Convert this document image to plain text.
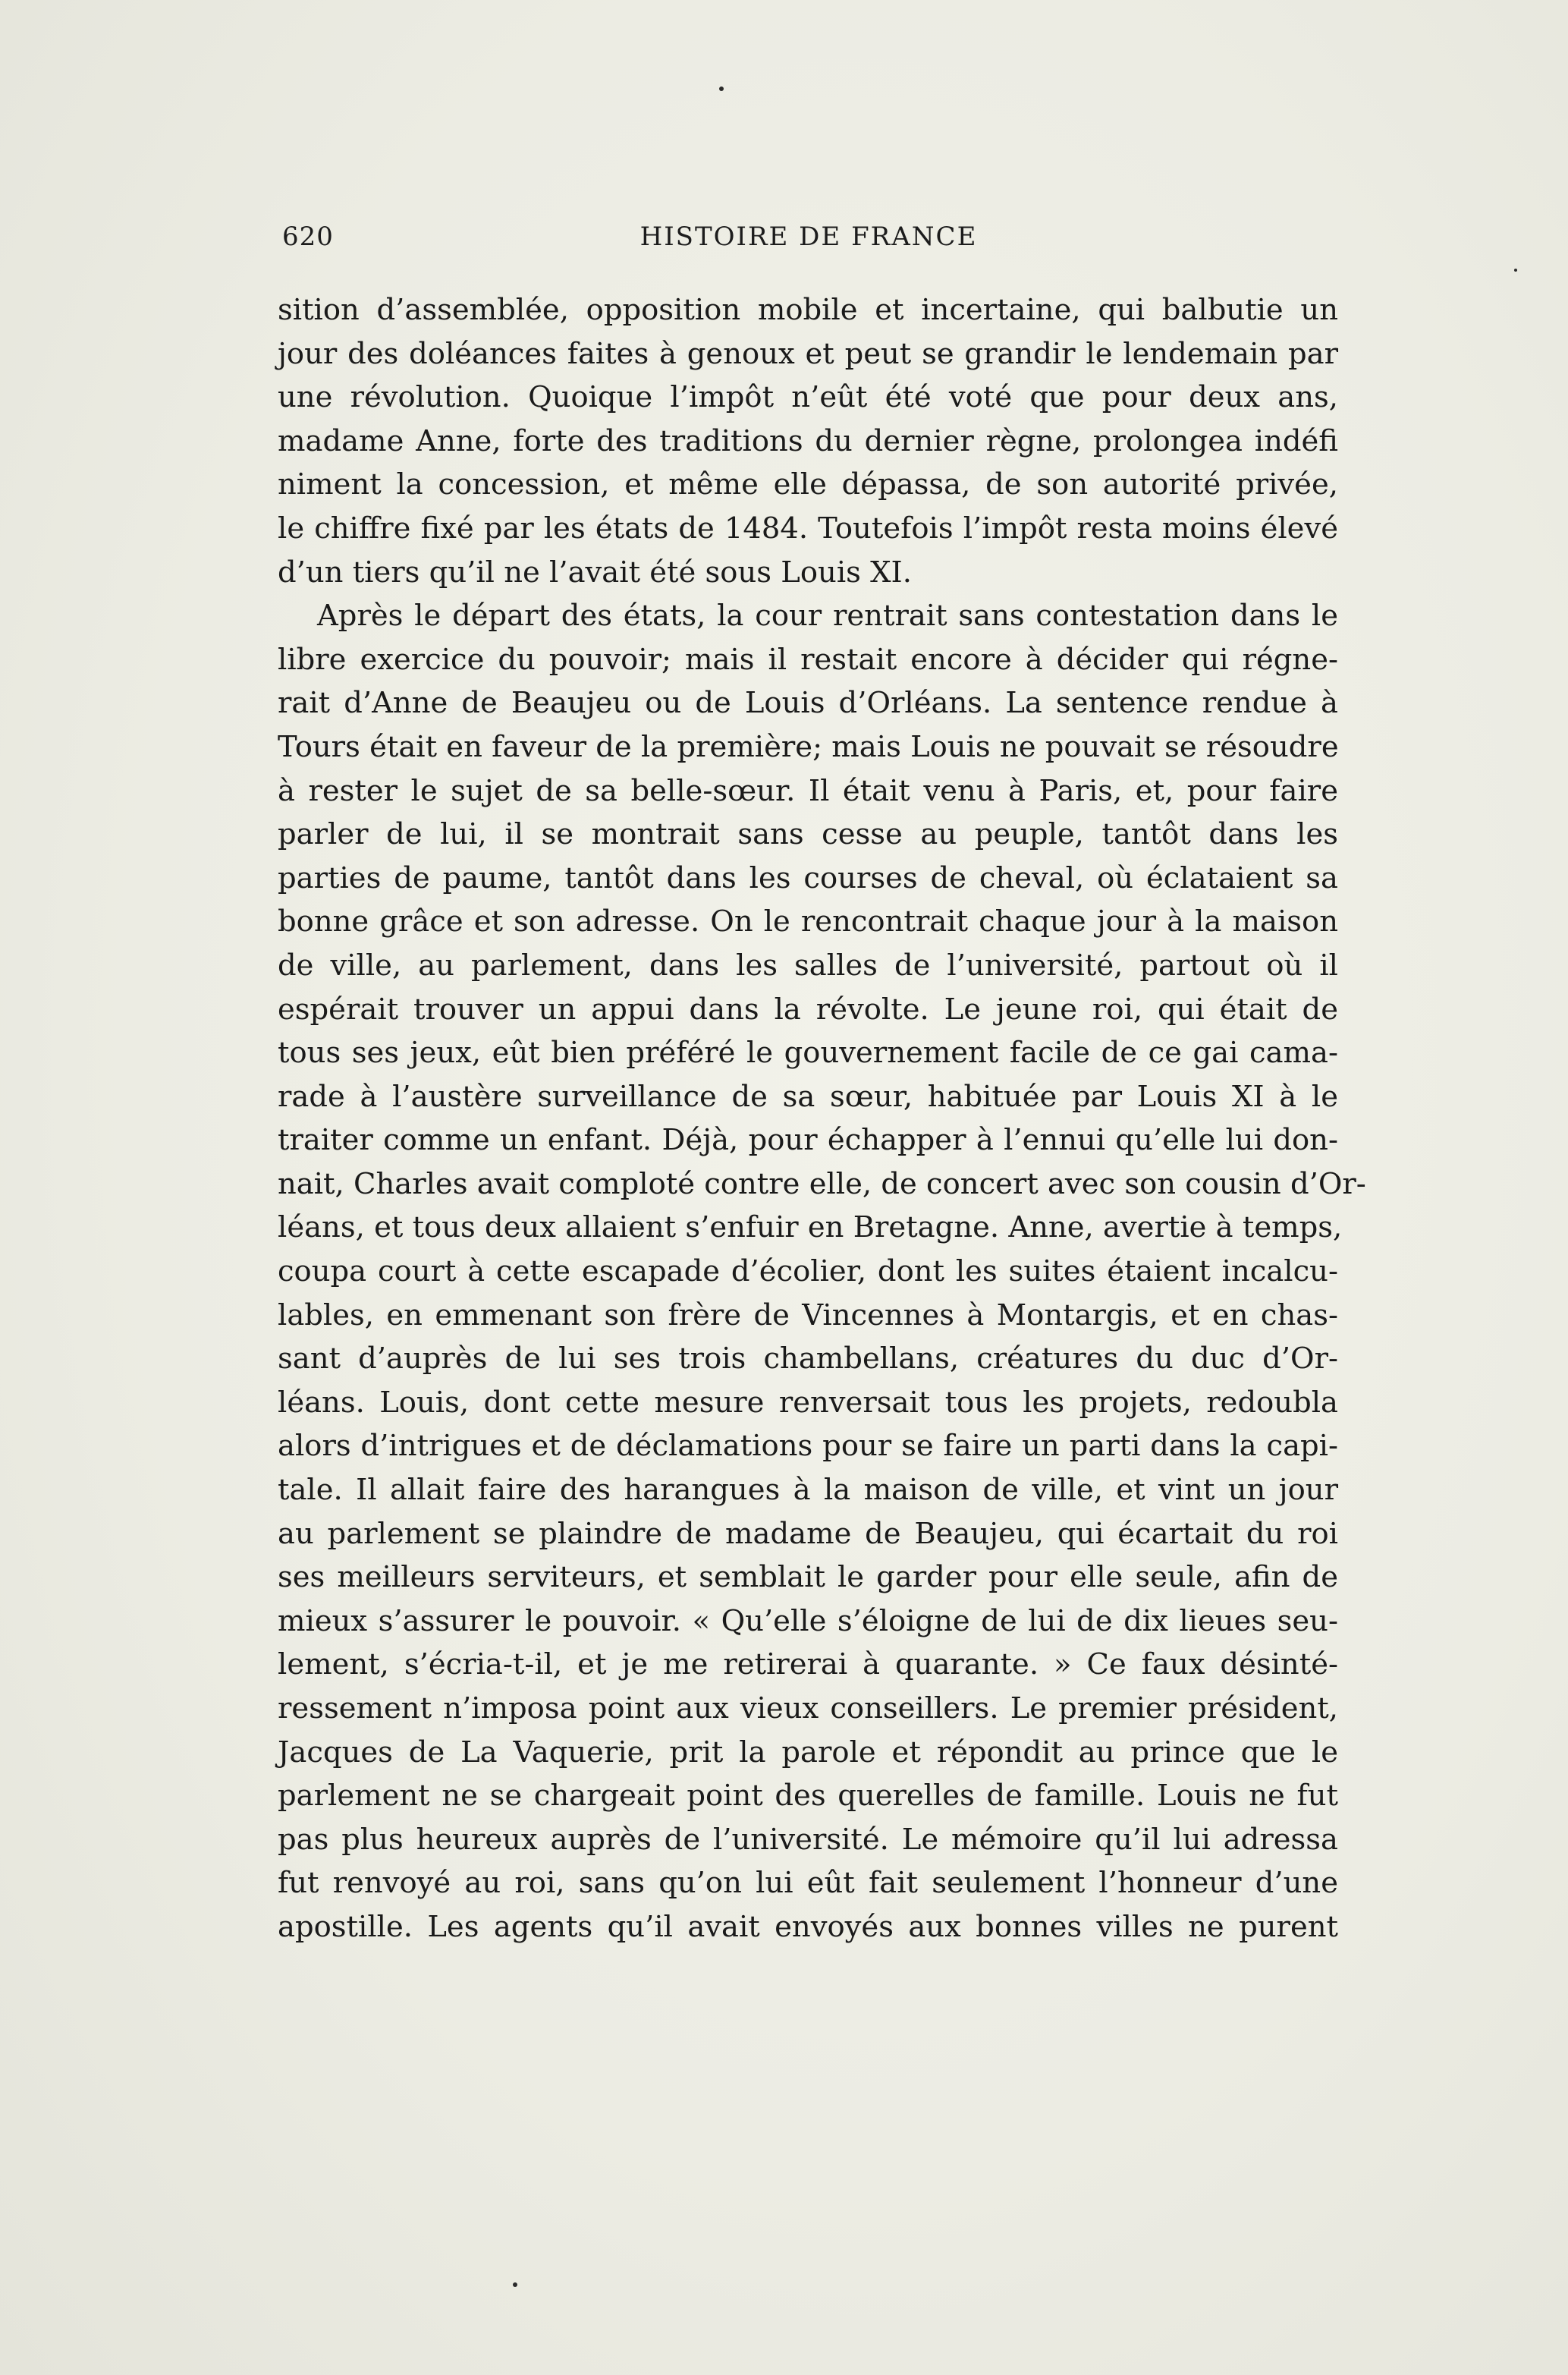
620	HISTOIRE DE FRANCE
sition d’assemblée, opposition mobile et incertaine, qui balbutie un
jour des doléances faites à genoux et peut se grandir le lendemain par
une révolution. Quoique l’impôt n’eût été voté que pour deux ans,
madame Anne, forte des traditions du dernier règne, prolongea indéfi
niment la concession, et même elle dépassa, de son autorité privée,
le chiffre fixé par les états de 1484. Toutefois l’impôt resta moins élevé
d’un tiers qu’il ne l’avait été sous Louis XI.
Après le départ des états, la cour rentrait sans contestation dans le
libre exercice du pouvoir; mais il restait encore à décider qui régne-
rait d’Anne de Beaujeu ou de Louis d’Orléans. La sentence rendue à
Tours était en faveur de la première; mais Louis ne pouvait se résoudre
à rester le sujet de sa belle-sœur. Il était venu à Paris, et, pour faire
parler de lui, il se montrait sans cesse au peuple, tantôt dans les
parties de paume, tantôt dans les courses de cheval, où éclataient sa
bonne grâce et son adresse. On le rencontrait chaque jour à la maison
de ville, au parlement, dans les salles de l’université, partout où il
espérait trouver un appui dans la révolte. Le jeune roi, qui était de
tous ses jeux, eût bien préféré le gouvernement facile de ce gai cama-
rade à l’austère surveillance de sa sœur, habituée par Louis XI à le
traiter comme un enfant. Déjà, pour échapper à l’ennui qu’elle lui don-
nait, Charles avait comploté contre elle, de concert avec son cousin d’Or-
léans, et tous deux allaient s’enfuir en Bretagne. Anne, avertie à temps,
coupa court à cette escapade d’écolier, dont les suites étaient incalcu-
lables, en emmenant son frère de Vincennes à Montargis, et en chas-
sant d’auprès de lui ses trois chambellans, créatures du duc d’Or-
léans. Louis, dont cette mesure renversait tous les projets, redoubla
alors d’intrigues et de déclamations pour se faire un parti dans la capi-
tale. Il allait faire des harangues à la maison de ville, et vint un jour
au parlement se plaindre de madame de Beaujeu, qui écartait du roi
ses meilleurs serviteurs, et semblait le garder pour elle seule, afin de
mieux s’assurer le pouvoir. « Qu’elle s’éloigne de lui de dix lieues seu-
lement, s’écria-t-il, et je me retirerai à quarante. » Ce faux désinté-
ressement n’imposa point aux vieux conseillers. Le premier président,
Jacques de La Vaquerie, prit la parole et répondit au prince que le
parlement ne se chargeait point des querelles de famille. Louis ne fut
pas plus heureux auprès de l’université. Le mémoire qu’il lui adressa
fut renvoyé au roi, sans qu’on lui eût fait seulement l’honneur d’une
apostille. Les agents qu’il avait envoyés aux bonnes villes ne purent
